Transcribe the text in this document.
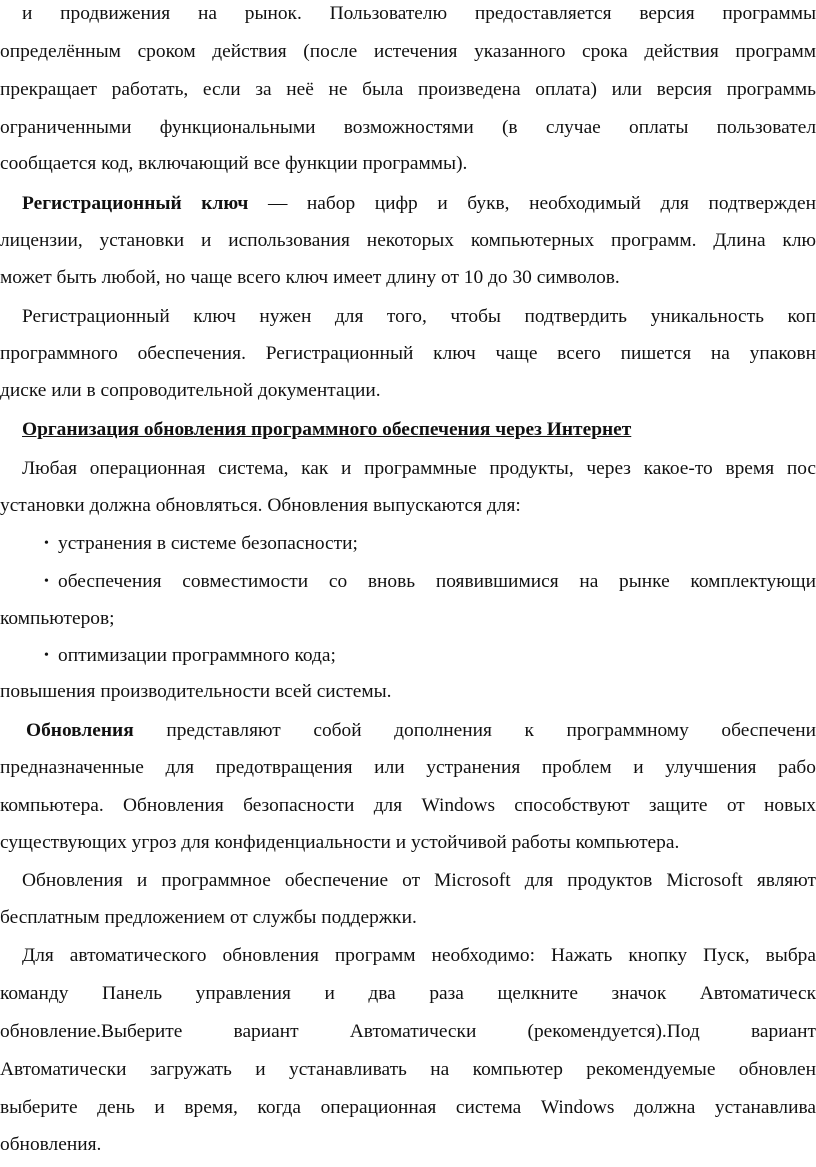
и продвижения на рынок. Пользователю предоставляется версия программы
определённым сроком действия (после истечения указанного срока действия программ
прекращает работать, если за неё не была произведена оплата) или версия программь
ограниченными функциональными возможностями (в случае оплаты пользовател
сообщается код, включающий все функции программы).
Регистрационный ключ — набор цифр и букв, необходимый для подтвержден
лицензии, установки и использования некоторых компьютерных программ. Длина клю
может быть любой, но чаще всего ключ имеет длину от 10 до 30 символов.
Регистрационный ключ нужен для того, чтобы подтвердить уникальность коп
программного обеспечения. Регистрационный ключ чаще всего пишется на упаковн
диске или в сопроводительной документации.
Организация обновления программного обеспечения через Интернет
Любая операционная система, как и программные продукты, через какое-то время пос
установки должна обновляться. Обновления выпускаются для:
• устранения в системе безопасности;
• обеспечения совместимости со вновь появившимися на рынке комплектующи
компьютеров;
• оптимизации программного кода;
повышения производительности всей системы.
Обновления представляют собой дополнения к программному обеспечени
предназначенные для предотвращения или устранения проблем и улучшения рабо
компьютера. Обновления безопасности для Windows способствуют защите от новых
существующих угроз для конфиденциальности и устойчивой работы компьютера.
Обновления и программное обеспечение от Microsoft для продуктов Microsoft являют
бесплатным предложением от службы поддержки.
Для автоматического обновления программ необходимо: Нажать кнопку Пуск, выбра
команду Панель управления и два раза щелкните значок Автоматическ
обновление.Выберите вариант Автоматически (рекомендуется).Под вариант
Автоматически загружать и устанавливать на компьютер рекомендуемые обновлен
выберите день и время, когда операционная система Windows должна устанавлива
обновления.
